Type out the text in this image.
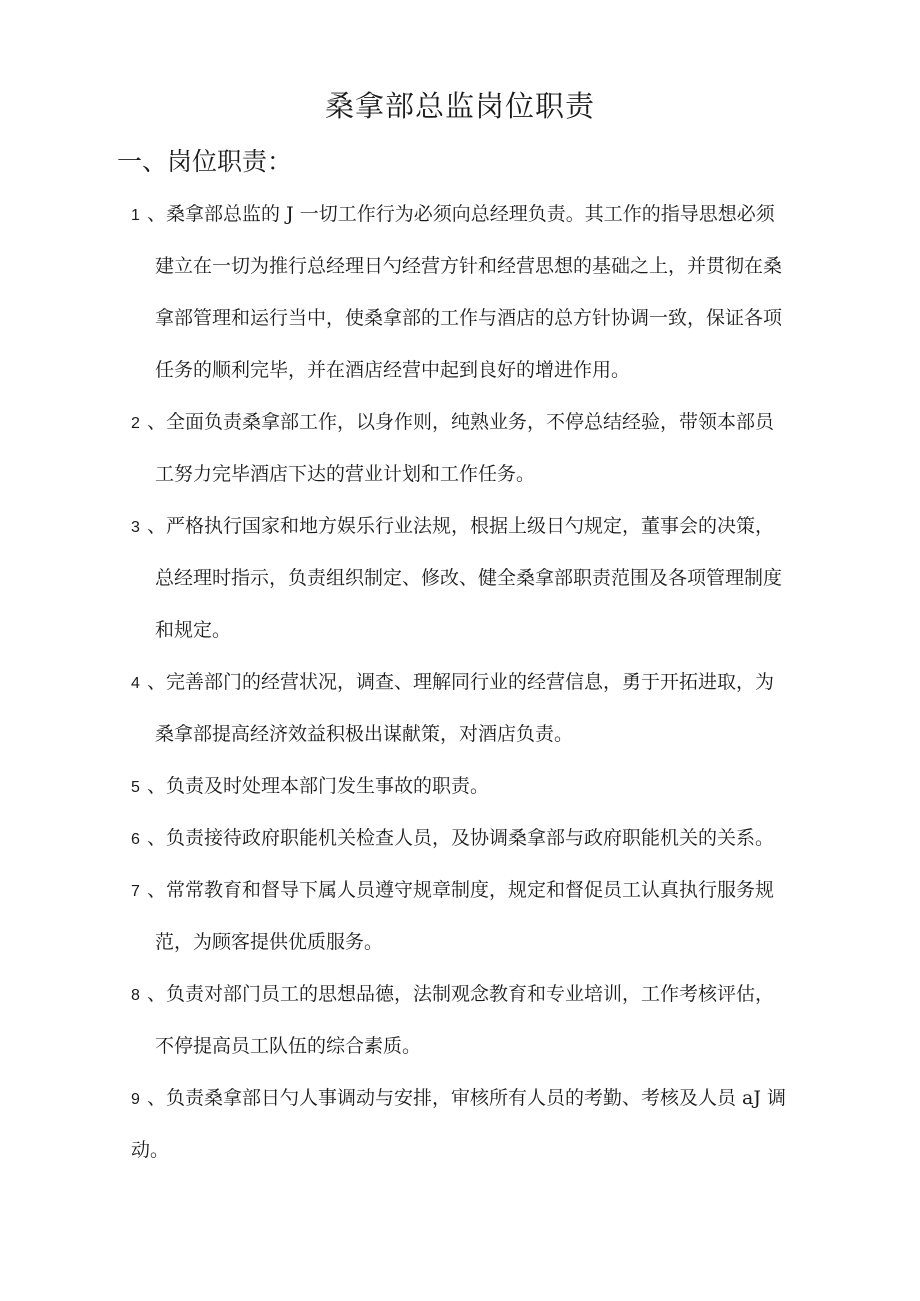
桑拿部总监岗位职责
一、岗位职责：
1 、桑拿部总监的 J 一切工作行为必须向总经理负责。其工作的指导思想必须
建立在一切为推行总经理日勺经营方针和经营思想的基础之上，并贯彻在桑
拿部管理和运行当中，使桑拿部的工作与酒店的总方针协调一致，保证各项
任务的顺利完毕，并在酒店经营中起到良好的增进作用。
2 、全面负责桑拿部工作，以身作则，纯熟业务，不停总结经验，带领本部员
工努力完毕酒店下达的营业计划和工作任务。
3 、严格执行国家和地方娱乐行业法规，根据上级日勺规定，董事会的决策，
总经理时指示，负责组织制定、修改、健全桑拿部职责范围及各项管理制度
和规定。
4 、完善部门的经营状况，调查、理解同行业的经营信息，勇于开拓进取，为
桑拿部提高经济效益积极出谋献策，对酒店负责。
5 、负责及时处理本部门发生事故的职责。
6 、负责接待政府职能机关检查人员，及协调桑拿部与政府职能机关的关系。
7 、常常教育和督导下属人员遵守规章制度，规定和督促员工认真执行服务规
范，为顾客提供优质服务。
8 、负责对部门员工的思想品德，法制观念教育和专业培训，工作考核评估，
不停提高员工队伍的综合素质。
9 、负责桑拿部日勺人事调动与安排，审核所有人员的考勤、考核及人员 aJ 调
动。
